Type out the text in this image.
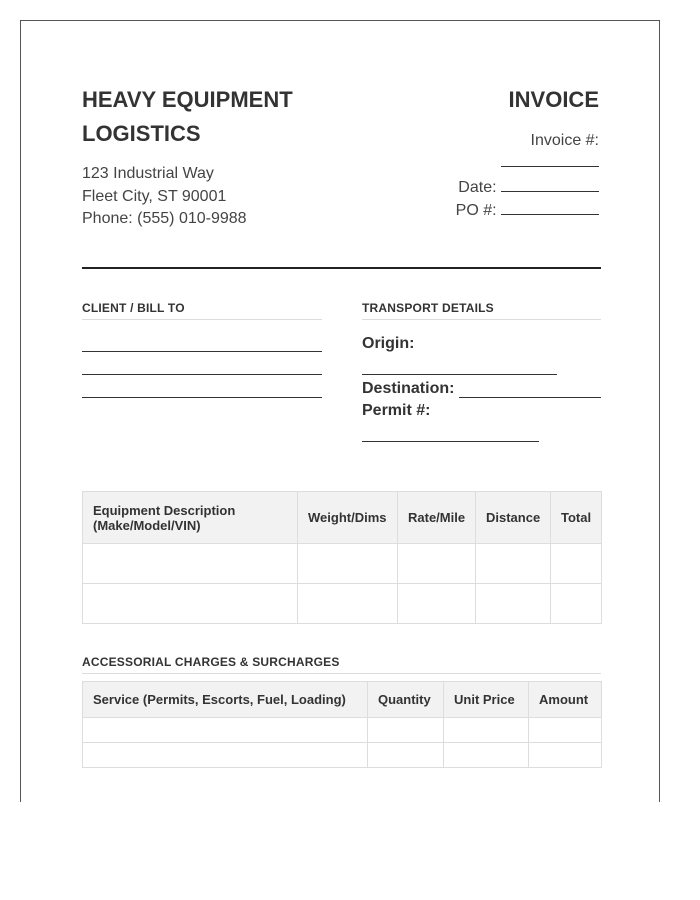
HEAVY EQUIPMENT
LOGISTICS
123 Industrial Way
Fleet City, ST 90001
Phone: (555) 010-9988
INVOICE
Invoice #:
Date:
PO #:
CLIENT / BILL TO	TRANSPORT DETAILS
Origin:
Destination:
Permit #:
Equipment Description (Make/Model/VIN)	Weight/Dims	Rate/Mile	Distance	Total

ACCESSORIAL CHARGES & SURCHARGES
Service (Permits, Escorts, Fuel, Loading)	Quantity	Unit Price	Amount
